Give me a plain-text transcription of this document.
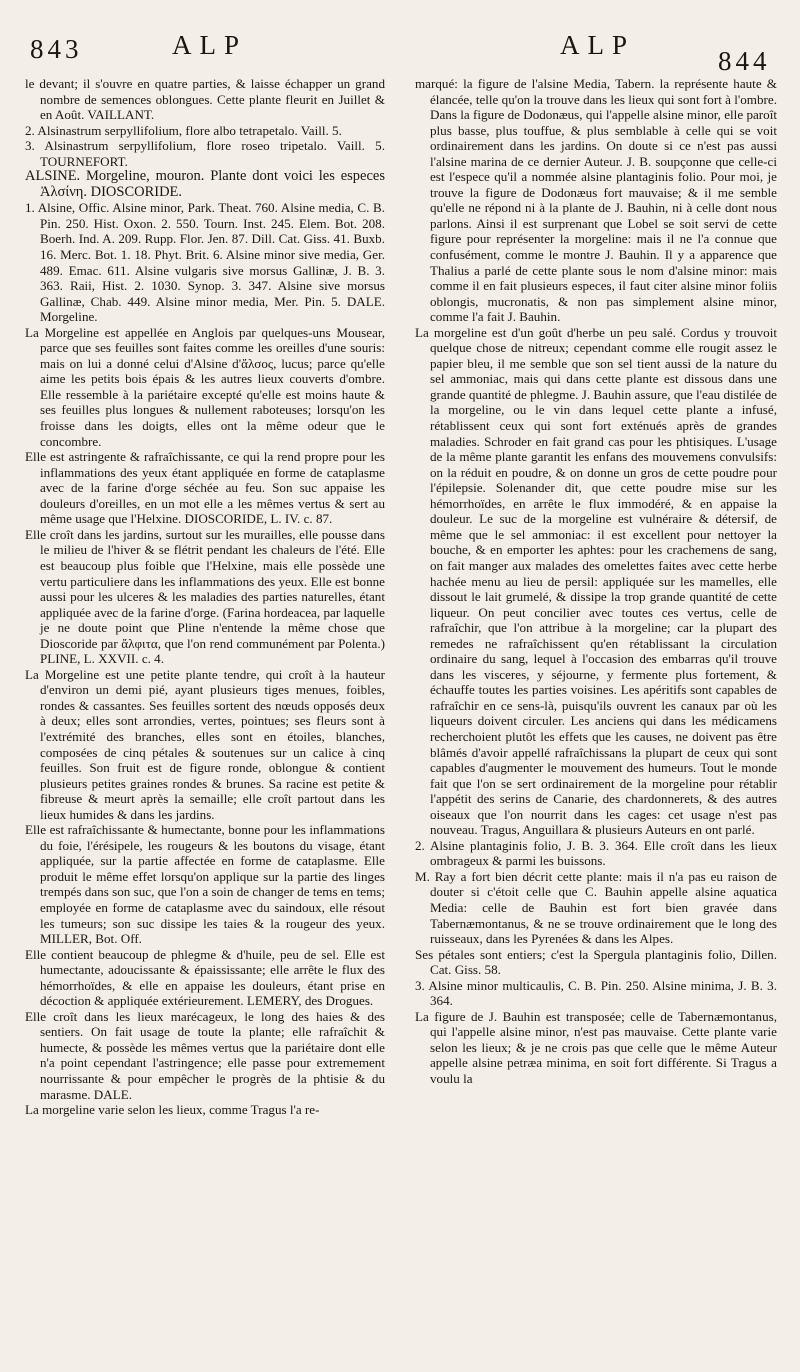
843	ALP	ALP
844

le devant; il s'ouvre en quatre parties, & laisse échapper un grand nombre de semences oblongues. Cette plante fleurit en Juillet & en Août. VAILLANT.

2. Alsinastrum serpyllifolium, flore albo tetrapetalo. Vaill. 5.

3. Alsinastrum serpyllifolium, flore roseo tripetalo. Vaill. 5. TOURNEFORT.

ALSINE. Morgeline, mouron. Plante dont voici les especes Ἀλσίνη. DIOSCORIDE.

1. Alsine, Offic. Alsine minor, Park. Theat. 760. Alsine media, C. B. Pin. 250. Hist. Oxon. 2. 550. Tourn. Inst. 245. Elem. Bot. 208. Boerh. Ind. A. 209. Rupp. Flor. Jen. 87. Dill. Cat. Giss. 41. Buxb. 16. Merc. Bot. 1. 18. Phyt. Brit. 6. Alsine minor sive media, Ger. 489. Emac. 611. Alsine vulgaris sive morsus Gallinæ, J. B. 3. 363. Raii, Hist. 2. 1030. Synop. 3. 347. Alsine sive morsus Gallinæ, Chab. 449. Alsine minor media, Mer. Pin. 5. DALE. Morgeline.

La Morgeline est appellée en Anglois par quelques-uns Mousear, parce que ses feuilles sont faites comme les oreilles d'une souris: mais on lui a donné celui d'Alsine d'ἄλσος, lucus; parce qu'elle aime les petits bois épais & les autres lieux couverts d'ombre. Elle ressemble à la pariétaire excepté qu'elle est moins haute & ses feuilles plus longues & nullement raboteuses; lorsqu'on les froisse dans les doigts, elles ont la même odeur que le concombre.

Elle est astringente & rafraîchissante, ce qui la rend propre pour les inflammations des yeux étant appliquée en forme de cataplasme avec de la farine d'orge séchée au feu. Son suc appaise les douleurs d'oreilles, en un mot elle a les mêmes vertus & sert au même usage que l'Helxine. DIOSCORIDE, L. IV. c. 87.

Elle croît dans les jardins, surtout sur les murailles, elle pousse dans le milieu de l'hiver & se flétrit pendant les chaleurs de l'été. Elle est beaucoup plus foible que l'Helxine, mais elle possède une vertu particuliere dans les inflammations des yeux. Elle est bonne aussi pour les ulceres & les maladies des parties naturelles, étant appliquée avec de la farine d'orge. (Farina hordeacea, par laquelle je ne doute point que Pline n'entende la même chose que Dioscoride par ἄλφιτα, que l'on rend communément par Polenta.) PLINE, L. XXVII. c. 4.

La Morgeline est une petite plante tendre, qui croît à la hauteur d'environ un demi pié, ayant plusieurs tiges menues, foibles, rondes & cassantes. Ses feuilles sortent des nœuds opposés deux à deux; elles sont arrondies, vertes, pointues; ses fleurs sont à l'extrémité des branches, elles sont en étoiles, blanches, composées de cinq pétales & soutenues sur un calice à cinq feuilles. Son fruit est de figure ronde, oblongue & contient plusieurs petites graines rondes & brunes. Sa racine est petite & fibreuse & meurt après la semaille; elle croît partout dans les lieux humides & dans les jardins.

Elle est rafraîchissante & humectante, bonne pour les inflammations du foie, l'érésipele, les rougeurs & les boutons du visage, étant appliquée, sur la partie affectée en forme de cataplasme. Elle produit le même effet lorsqu'on applique sur la partie des linges trempés dans son suc, que l'on a soin de changer de tems en tems; employée en forme de cataplasme avec du saindoux, elle résout les tumeurs; son suc dissipe les taies & la rougeur des yeux. MILLER, Bot. Off.

Elle contient beaucoup de phlegme & d'huile, peu de sel. Elle est humectante, adoucissante & épaississante; elle arrête le flux des hémorrhoïdes, & elle en appaise les douleurs, étant prise en décoction & appliquée extérieurement. LEMERY, des Drogues.

Elle croît dans les lieux marécageux, le long des haies & des sentiers. On fait usage de toute la plante; elle rafraîchit & humecte, & possède les mêmes vertus que la pariétaire dont elle n'a point cependant l'astringence; elle passe pour extremement nourrissante & pour empêcher le progrès de la phtisie & du marasme. DALE.

La morgeline varie selon les lieux, comme Tragus l'a re-

marqué: la figure de l'alsine Media, Tabern. la représente haute & élancée, telle qu'on la trouve dans les lieux qui sont fort à l'ombre. Dans la figure de Dodonæus, qui l'appelle alsine minor, elle paroît plus basse, plus touffue, & plus semblable à celle qui se voit ordinairement dans les jardins. On doute si ce n'est pas aussi l'alsine marina de ce dernier Auteur. J. B. soupçonne que celle-ci est l'espece qu'il a nommée alsine plantaginis folio. Pour moi, je trouve la figure de Dodonæus fort mauvaise; & il me semble qu'elle ne répond ni à la plante de J. Bauhin, ni à celle dont nous parlons. Ainsi il est surprenant que Lobel se soit servi de cette figure pour représenter la morgeline: mais il ne l'a connue que confusément, comme le montre J. Bauhin. Il y a apparence que Thalius a parlé de cette plante sous le nom d'alsine minor: mais comme il en fait plusieurs especes, il faut citer alsine minor foliis oblongis, mucronatis, & non pas simplement alsine minor, comme l'a fait J. Bauhin.

La morgeline est d'un goût d'herbe un peu salé. Cordus y trouvoit quelque chose de nitreux; cependant comme elle rougit assez le papier bleu, il me semble que son sel tient aussi de la nature du sel ammoniac, mais qui dans cette plante est dissous dans une grande quantité de phlegme. J. Bauhin assure, que l'eau distilée de la morgeline, ou le vin dans lequel cette plante a infusé, rétablissent ceux qui sont fort exténués après de grandes maladies. Schroder en fait grand cas pour les phtisiques. L'usage de la même plante garantit les enfans des mouvemens convulsifs: on la réduit en poudre, & on donne un gros de cette poudre pour l'épilepsie. Solenander dit, que cette poudre mise sur les hémorrhoïdes, en arrête le flux immodéré, & en appaise la douleur. Le suc de la morgeline est vulnéraire & détersif, de même que le sel ammoniac: il est excellent pour nettoyer la bouche, & en emporter les aphtes: pour les crachemens de sang, on fait manger aux malades des omelettes faites avec cette herbe hachée menu au lieu de persil: appliquée sur les mamelles, elle dissout le lait grumelé, & dissipe la trop grande quantité de cette liqueur. On peut concilier avec toutes ces vertus, celle de rafraîchir, que l'on attribue à la morgeline; car la plupart des remedes ne rafraîchissent qu'en rétablissant la circulation ordinaire du sang, lequel à l'occasion des embarras qu'il trouve dans les visceres, y séjourne, y fermente plus fortement, & échauffe toutes les parties voisines. Les apéritifs sont capables de rafraîchir en ce sens-là, puisqu'ils ouvrent les canaux par où les liqueurs doivent circuler. Les anciens qui dans les médicamens recherchoient plutôt les effets que les causes, ne doivent pas être blâmés d'avoir appellé rafraîchissans la plupart de ceux qui sont capables d'augmenter le mouvement des humeurs. Tout le monde fait que l'on se sert ordinairement de la morgeline pour rétablir l'appétit des serins de Canarie, des chardonnerets, & des autres oiseaux que l'on nourrit dans les cages: cet usage n'est pas nouveau. Tragus, Anguillara & plusieurs Auteurs en ont parlé.

2. Alsine plantaginis folio, J. B. 3. 364. Elle croît dans les lieux ombrageux & parmi les buissons.

M. Ray a fort bien décrit cette plante: mais il n'a pas eu raison de douter si c'étoit celle que C. Bauhin appelle alsine aquatica Media: celle de Bauhin est fort bien gravée dans Tabernæmontanus, & ne se trouve ordinairement que le long des ruisseaux, dans les Pyrenées & dans les Alpes.

Ses pétales sont entiers; c'est la Spergula plantaginis folio, Dillen. Cat. Giss. 58.

3. Alsine minor multicaulis, C. B. Pin. 250. Alsine minima, J. B. 3. 364.

La figure de J. Bauhin est transposée; celle de Tabernæmontanus, qui l'appelle alsine minor, n'est pas mauvaise. Cette plante varie selon les lieux; & je ne crois pas que celle que le même Auteur appelle alsine petræa minima, en soit fort différente. Si Tragus a voulu la
